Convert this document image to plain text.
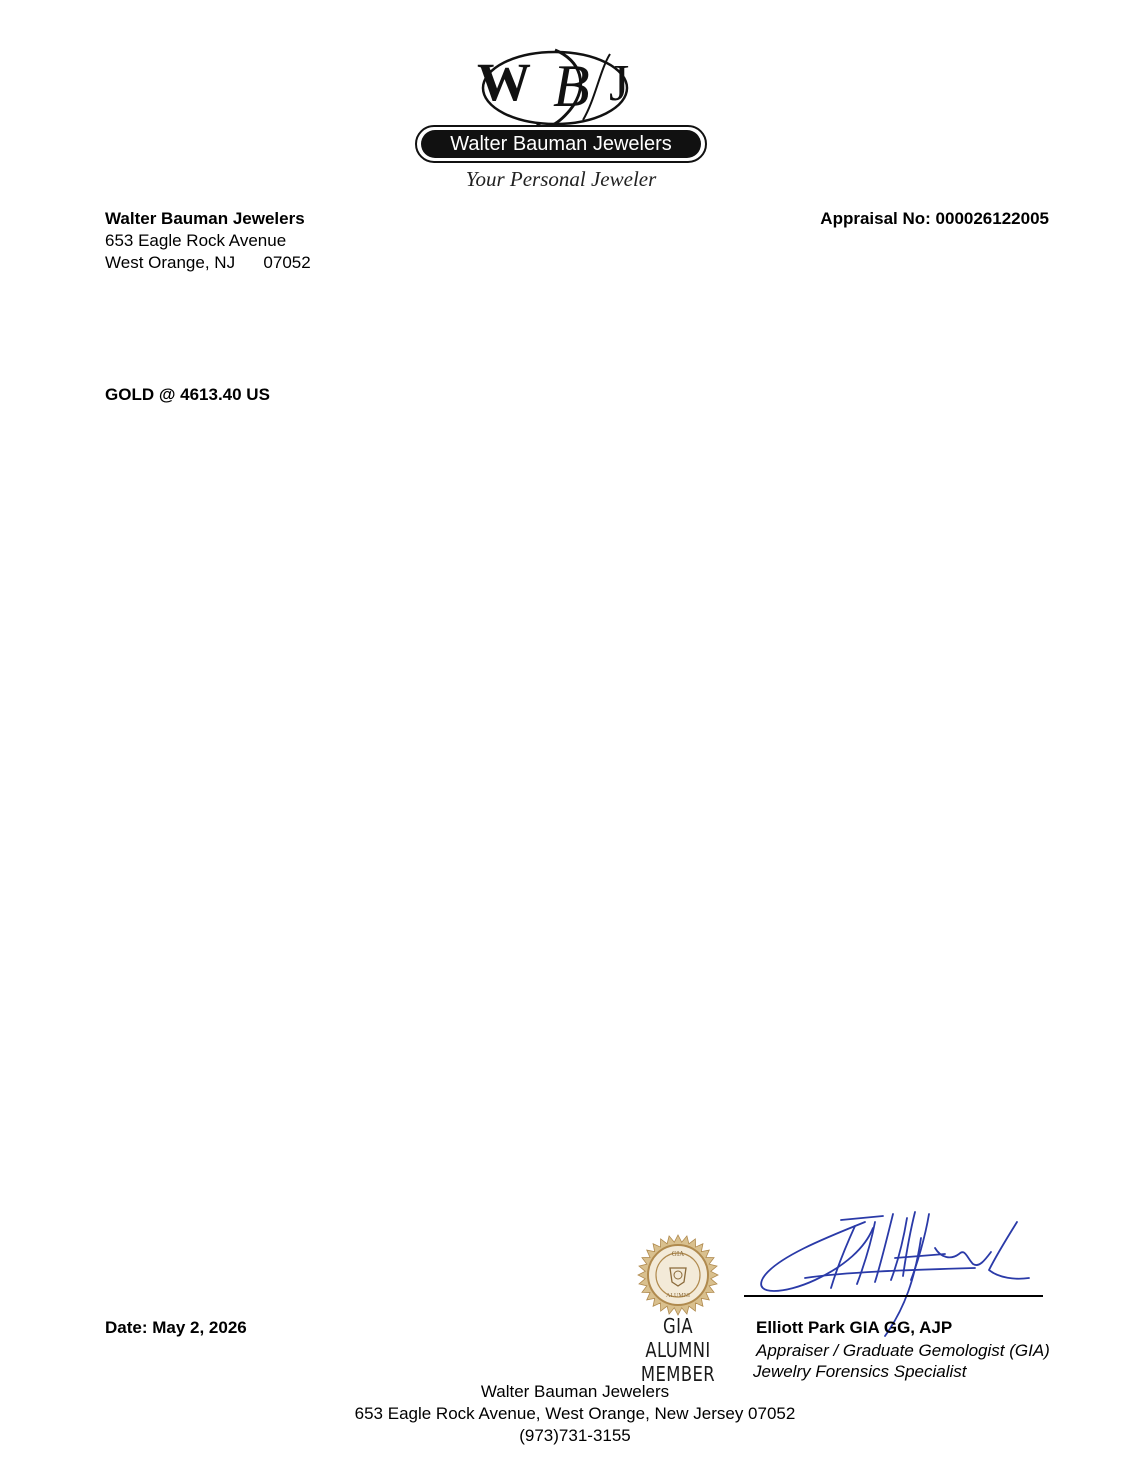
W B J
Walter Bauman Jewelers
Your Personal Jeweler
Walter Bauman Jewelers
653 Eagle Rock Avenue
West Orange, NJ      07052
Appraisal No: 000026122005
GOLD @ 4613.40 US
Date: May 2, 2026
GIA
ALUMNI
GIA ALUMNI
MEMBER
Elliott Park GIA GG, AJP
Appraiser / Graduate Gemologist (GIA)
Jewelry Forensics Specialist
Walter Bauman Jewelers
653 Eagle Rock Avenue, West Orange, New Jersey 07052
(973)731-3155
